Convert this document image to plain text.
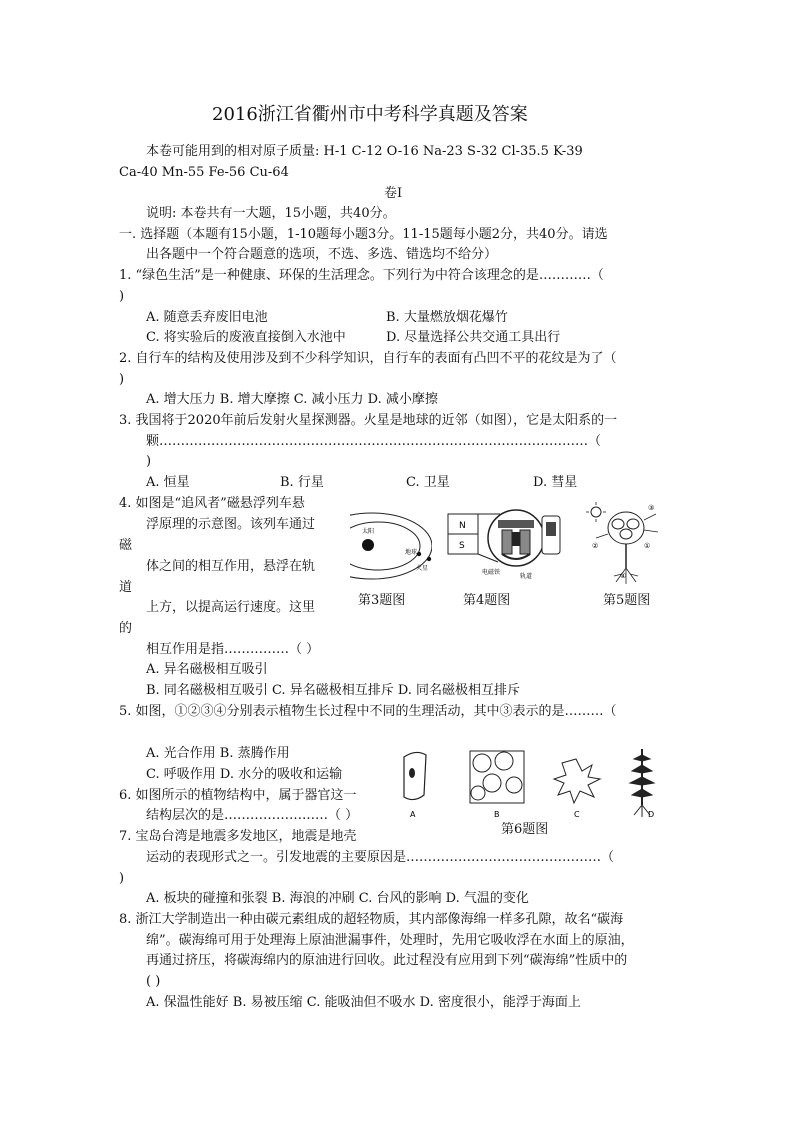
2016浙江省衢州市中考科学真题及答案
本卷可能用到的相对原子质量: H-1 C-12 O-16 Na-23 S-32 Cl-35.5 K-39
Ca-40 Mn-55 Fe-56 Cu-64
卷Ⅰ
说明: 本卷共有一大题，15小题，共40分。
一. 选择题（本题有15小题，1-10题每小题3分。11-15题每小题2分，共40分。请选
出各题中一个符合题意的选项，不选、多选、错选均不给分）
1. “绿色生活”是一种健康、环保的生活理念。下列行为中符合该理念的是…………（
)
A. 随意丢弃废旧电池	B. 大量燃放烟花爆竹
C. 将实验后的废液直接倒入水池中	D. 尽量选择公共交通工具出行
2. 自行车的结构及使用涉及到不少科学知识，自行车的表面有凸凹不平的花纹是为了（
)
A. 增大压力 B. 增大摩擦 C. 减小压力 D. 减小摩擦
3. 我国将于2020年前后发射火星探测器。火星是地球的近邻（如图），它是太阳系的一
颗………………………………………………………………………………………（
)
A. 恒星	B. 行星	C. 卫星	D. 彗星
4. 如图是“追风者”磁悬浮列车悬
浮原理的示意图。该列车通过
磁
体之间的相互作用，悬浮在轨
道
上方，以提高运行速度。这里
的
相互作用是指……………（ ）
A. 异名磁极相互吸引
B. 同名磁极相互吸引 C. 异名磁极相互排斥 D. 同名磁极相互排斥
太阳
地球
火星
第3题图
N
S
电磁铁
轨道
第4题图
①
②
③
④
第5题图
5. 如图，①②③④分别表示植物生长过程中不同的生理活动，其中③表示的是………（
A. 光合作用 B. 蒸腾作用
C. 呼吸作用 D. 水分的吸收和运输
6. 如图所示的植物结构中，属于器官这一
结构层次的是……………………（ ）	A	B	C	D
第6题图
7. 宝岛台湾是地震多发地区，地震是地壳
运动的表现形式之一。引发地震的主要原因是………………………………………（
)
A. 板块的碰撞和张裂 B. 海浪的冲刷 C. 台风的影响 D. 气温的变化
8. 浙江大学制造出一种由碳元素组成的超轻物质，其内部像海绵一样多孔隙，故名“碳海
绵”。碳海绵可用于处理海上原油泄漏事件，处理时，先用它吸收浮在水面上的原油，
再通过挤压，将碳海绵内的原油进行回收。此过程没有应用到下列“碳海绵”性质中的
( )
A. 保温性能好 B. 易被压缩 C. 能吸油但不吸水 D. 密度很小，能浮于海面上
